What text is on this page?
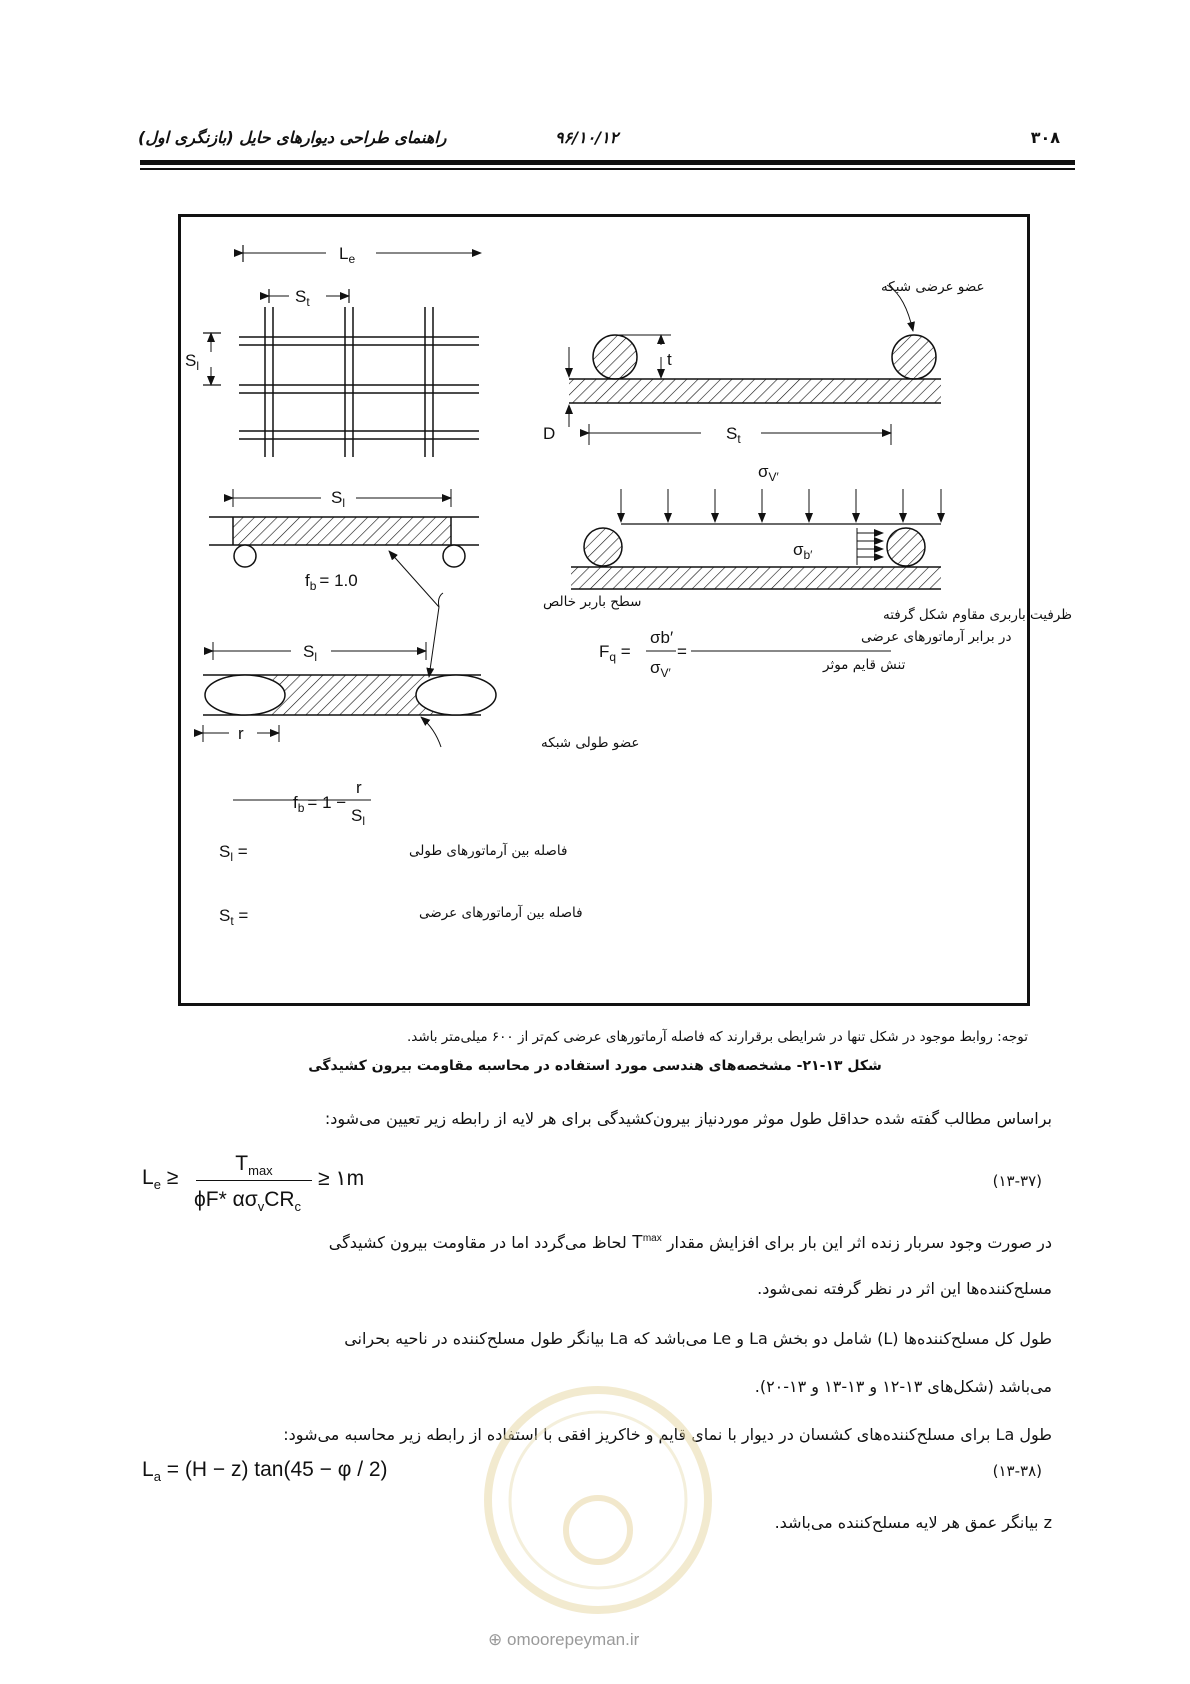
راهنمای طراحی دیوارهای حایل (بازنگری اول)	۹۶/۱۰/۱۲	۳۰۸
$L_e$
$S_t$
$S_l$	t
D	$S_t$
$S_l$
$f_b = 1.0$
$S_l$
r
$f_b = 1$ −
r
$S_l$
$\sigma_{V'}$
$\sigma_{b'}$
$F_q$ =
σb′
$\sigma_{V'}$
=
$S_l$ =
$S_t$ =
عضو عرضی شبکه
سطح باربر خالص
عضو طولی شبکه
ظرفیت باربری مقاوم شکل گرفته
در برابر آرماتورهای عرضی
تنش قایم موثر
فاصله بین آرماتورهای طولی
فاصله بین آرماتورهای عرضی
توجه: روابط موجود در شکل تنها در شرایطی برقرارند که فاصله آرماتورهای عرضی کم‌تر از ۶۰۰ میلی‌متر باشد.
شکل ۱۳-۲۱- مشخصه‌های هندسی مورد استفاده در محاسبه مقاومت بیرون کشیدگی
براساس مطالب گفته شده حداقل طول موثر موردنیاز بیرون‌کشیدگی برای هر لایه از رابطه زیر تعیین می‌شود:
$L_e$ ≥
$T_{max}$
ϕF* $\alpha\sigma_vCR_c$
≥ ۱m	(۱۳-۳۷)
در صورت وجود سربار زنده اثر این بار برای افزایش مقدار $T^{max}$ لحاظ می‌گردد اما در مقاومت بیرون کشیدگی
مسلح‌کننده‌ها این اثر در نظر گرفته نمی‌شود.
طول کل مسلح‌کننده‌ها (L) شامل دو بخش La و Le می‌باشد که La بیانگر طول مسلح‌کننده در ناحیه بحرانی
می‌باشد (شکل‌های ۱۳-۱۲ و ۱۳-۱۳ و ۱۳-۲۰).
طول La برای مسلح‌کننده‌های کشسان در دیوار با نمای قایم و خاکریز افقی با استفاده از رابطه زیر محاسبه می‌شود:
$L_a = (H - z) \tan(45 - \varphi / 2)$	(۱۳-۳۸)
z بیانگر عمق هر لایه مسلح‌کننده می‌باشد.
⊕ omoorepeyman.ir
